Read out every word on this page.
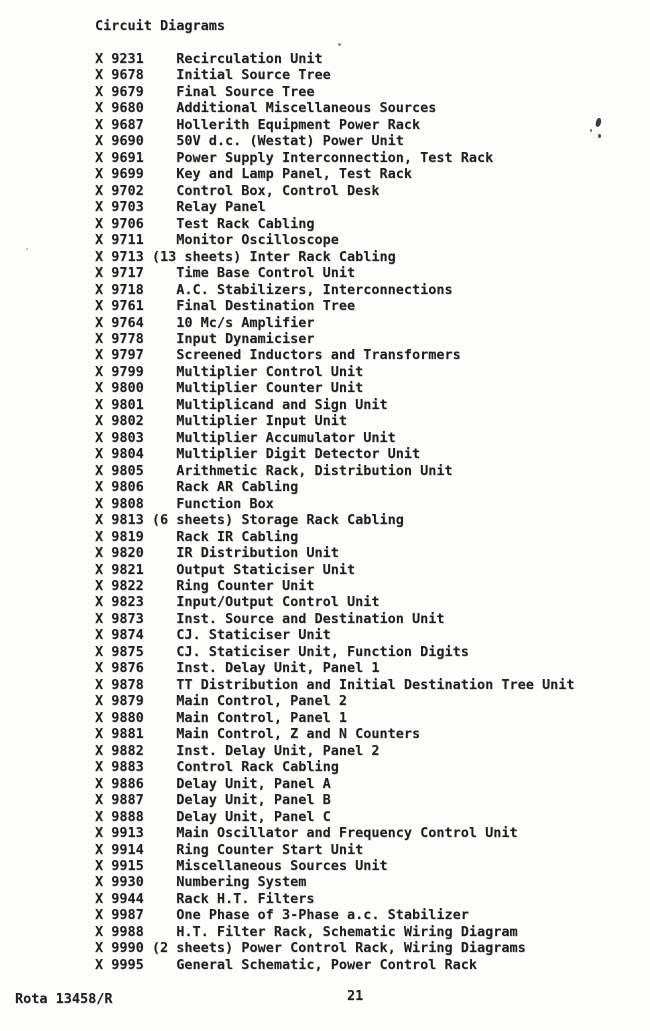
Circuit Diagrams
X 9231    Recirculation Unit
X 9678    Initial Source Tree
X 9679    Final Source Tree
X 9680    Additional Miscellaneous Sources
X 9687    Hollerith Equipment Power Rack
X 9690    50V d.c. (Westat) Power Unit
X 9691    Power Supply Interconnection, Test Rack
X 9699    Key and Lamp Panel, Test Rack
X 9702    Control Box, Control Desk
X 9703    Relay Panel
X 9706    Test Rack Cabling
X 9711    Monitor Oscilloscope
X 9713 (13 sheets) Inter Rack Cabling
X 9717    Time Base Control Unit
X 9718    A.C. Stabilizers, Interconnections
X 9761    Final Destination Tree
X 9764    10 Mc/s Amplifier
X 9778    Input Dynamiciser
X 9797    Screened Inductors and Transformers
X 9799    Multiplier Control Unit
X 9800    Multiplier Counter Unit
X 9801    Multiplicand and Sign Unit
X 9802    Multiplier Input Unit
X 9803    Multiplier Accumulator Unit
X 9804    Multiplier Digit Detector Unit
X 9805    Arithmetic Rack, Distribution Unit
X 9806    Rack AR Cabling
X 9808    Function Box
X 9813 (6 sheets) Storage Rack Cabling
X 9819    Rack IR Cabling
X 9820    IR Distribution Unit
X 9821    Output Staticiser Unit
X 9822    Ring Counter Unit
X 9823    Input/Output Control Unit
X 9873    Inst. Source and Destination Unit
X 9874    CJ. Staticiser Unit
X 9875    CJ. Staticiser Unit, Function Digits
X 9876    Inst. Delay Unit, Panel 1
X 9878    TT Distribution and Initial Destination Tree Unit
X 9879    Main Control, Panel 2
X 9880    Main Control, Panel 1
X 9881    Main Control, Z and N Counters
X 9882    Inst. Delay Unit, Panel 2
X 9883    Control Rack Cabling
X 9886    Delay Unit, Panel A
X 9887    Delay Unit, Panel B
X 9888    Delay Unit, Panel C
X 9913    Main Oscillator and Frequency Control Unit
X 9914    Ring Counter Start Unit
X 9915    Miscellaneous Sources Unit
X 9930    Numbering System
X 9944    Rack H.T. Filters
X 9987    One Phase of 3-Phase a.c. Stabilizer
X 9988    H.T. Filter Rack, Schematic Wiring Diagram
X 9990 (2 sheets) Power Control Rack, Wiring Diagrams
X 9995    General Schematic, Power Control Rack
Rota 13458/R	21
